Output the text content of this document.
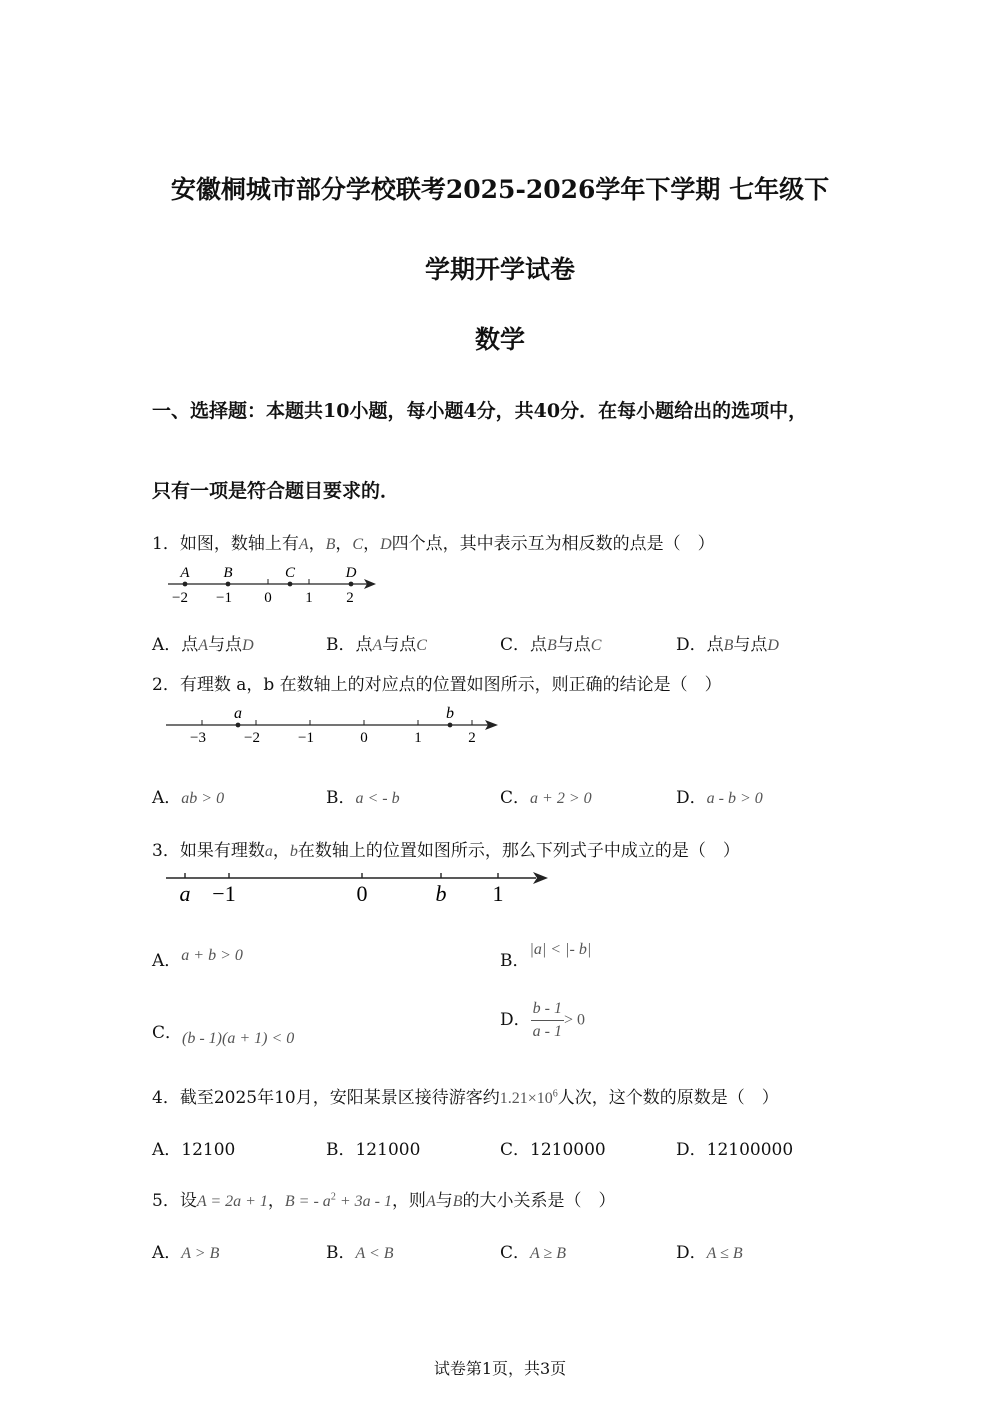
安徽桐城市部分学校联考2025-2026学年下学期 七年级下
学期开学试卷
数学
一、选择题：本题共10小题，每小题4分，共40分．在每小题给出的选项中，
只有一项是符合题目要求的．
1．如图，数轴上有A，B，C，D四个点，其中表示互为相反数的点是（　）
A B	C	D
−2 −1 0 1 2
A．点A与点D	B．点A与点C	C．点B与点C	D．点B与点D
2．有理数 a，b 在数轴上的对应点的位置如图所示，则正确的结论是（　）
a	b
−3	−2	−1	0	1	2
A．ab > 0	B．a < - b	C．a + 2 > 0	D．a - b > 0
3．如果有理数a，b在数轴上的位置如图所示，那么下列式子中成立的是（　）
a −1	0	b 1
A．a + b > 0	B．|a| < |- b|
C．(b - 1)(a + 1) < 0
D． $\frac{b - 1}{a - 1} > 0$
4．截至2025年10月，安阳某景区接待游客约$1.21\times 10^6$人次，这个数的原数是（　）
A．12100	B．121000	C．1210000	D．12100000
5．设A = 2a + 1，B = - $a^2 + 3a - 1$，则A与B的大小关系是（　）
A．A > B	B．A < B	C．A ≥ B	D．A ≤ B
试卷第1页，共3页
